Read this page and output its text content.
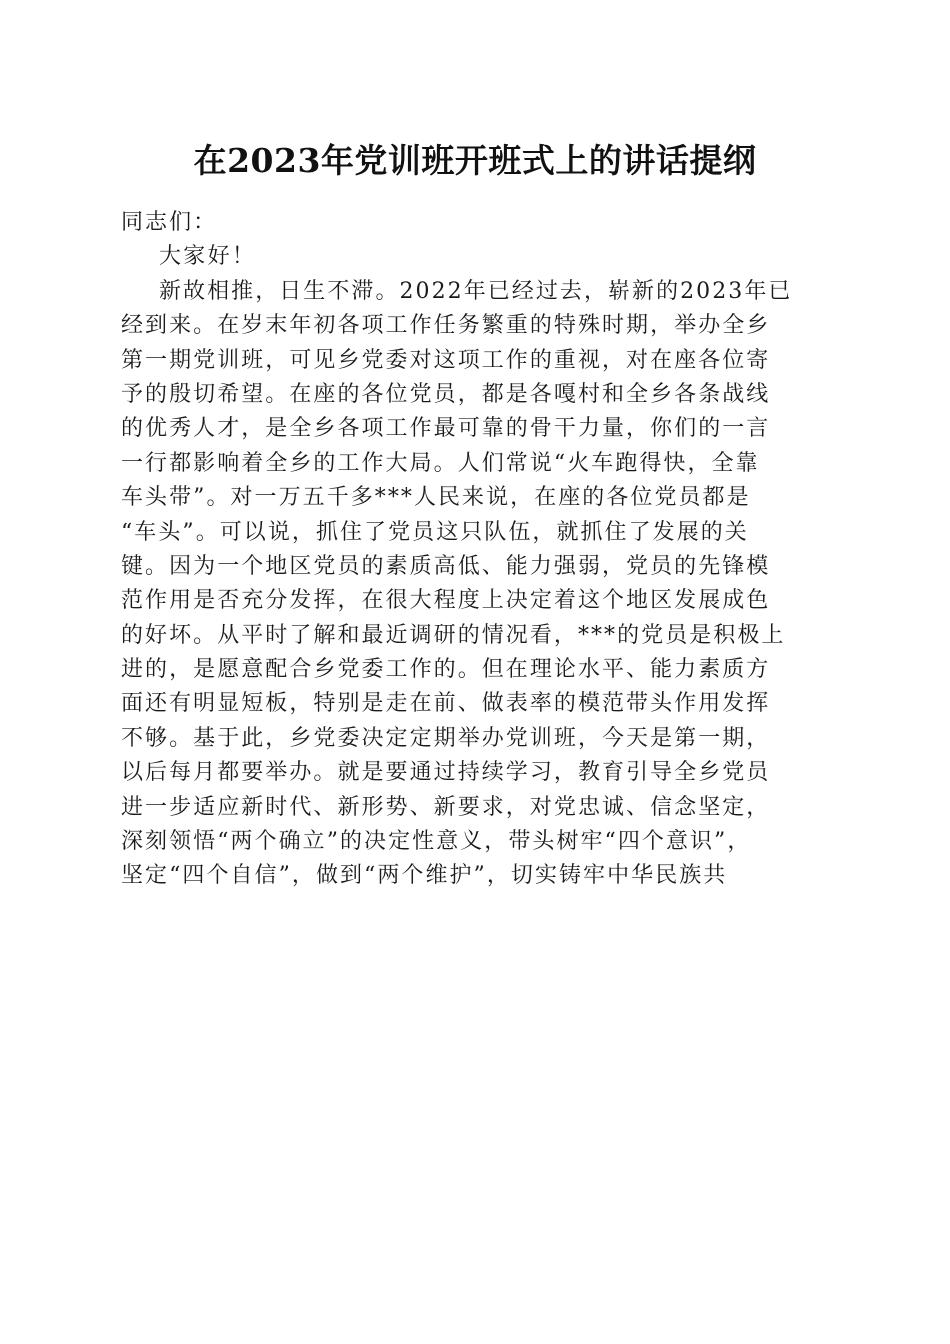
在2023年党训班开班式上的讲话提纲
同志们：
大家好！
新故相推，日生不滞。2022年已经过去，崭新的2023年已
经到来。在岁末年初各项工作任务繁重的特殊时期，举办全乡
第一期党训班，可见乡党委对这项工作的重视，对在座各位寄
予的殷切希望。在座的各位党员，都是各嘎村和全乡各条战线
的优秀人才，是全乡各项工作最可靠的骨干力量，你们的一言
一行都影响着全乡的工作大局。人们常说“火车跑得快，全靠
车头带”。对一万五千多***人民来说，在座的各位党员都是
“车头”。可以说，抓住了党员这只队伍，就抓住了发展的关
键。因为一个地区党员的素质高低、能力强弱，党员的先锋模
范作用是否充分发挥，在很大程度上决定着这个地区发展成色
的好坏。从平时了解和最近调研的情况看，***的党员是积极上
进的，是愿意配合乡党委工作的。但在理论水平、能力素质方
面还有明显短板，特别是走在前、做表率的模范带头作用发挥
不够。基于此，乡党委决定定期举办党训班，今天是第一期，
以后每月都要举办。就是要通过持续学习，教育引导全乡党员
进一步适应新时代、新形势、新要求，对党忠诚、信念坚定，
深刻领悟“两个确立”的决定性意义，带头树牢“四个意识”，
坚定“四个自信”，做到“两个维护”，切实铸牢中华民族共
